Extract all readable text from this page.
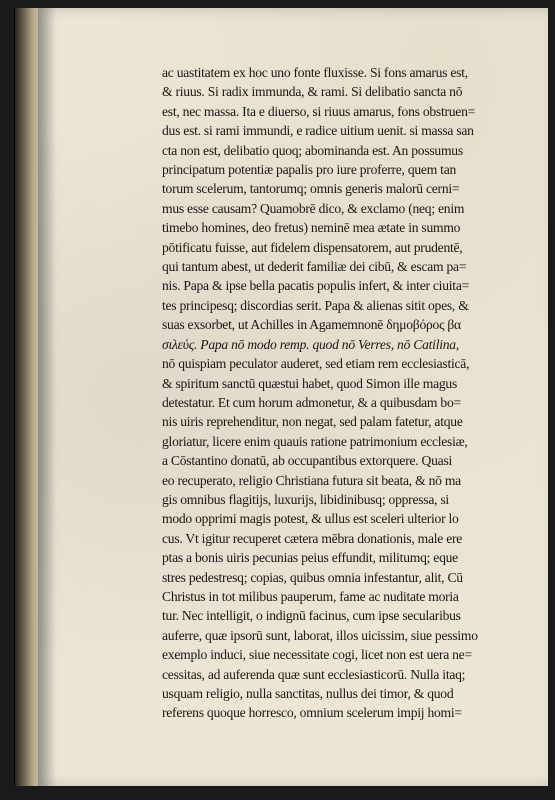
ac uastitatem ex hoc uno fonte fluxisse. Si fons amarus est,
& riuus. Si radix immunda, & rami. Si delibatio sancta nō
est, nec massa. Ita e diuerso, si riuus amarus, fons obstruen=
dus est. si rami immundi, e radice uitium uenit. si massa san
cta non est, delibatio quoq; abominanda est. An possumus
principatum potentiæ papalis pro iure proferre, quem tan
torum scelerum, tantorumq; omnis generis malorū cerni=
mus esse causam? Quamobrē dico, & exclamo (neq; enim
timebo homines, deo fretus) neminē mea ætate in summo
pōtificatu fuisse, aut fidelem dispensatorem, aut prudentē,
qui tantum abest, ut dederit familiæ dei cibū, & escam pa=
nis. Papa & ipse bella pacatis populis infert, & inter ciuita=
tes principesq; discordias serit. Papa & alienas sitit opes, &
suas exsorbet, ut Achilles in Agamemnonē δημοβόρος βα
σιλεύς. Papa nō modo remp. quod nō Verres, nō Catilina,
nō quispiam peculator auderet, sed etiam rem ecclesiasticā,
& spiritum sanctū quæstui habet, quod Simon ille magus
detestatur. Et cum horum admonetur, & a quibusdam bo=
nis uiris reprehenditur, non negat, sed palam fatetur, atque
gloriatur, licere enim quauis ratione patrimonium ecclesiæ,
a Cōstantino donatū, ab occupantibus extorquere. Quasi
eo recuperato, religio Christiana futura sit beata, & nō ma
gis omnibus flagitijs, luxurijs, libidinibusq; oppressa, si
modo opprimi magis potest, & ullus est sceleri ulterior lo
cus. Vt igitur recuperet cætera mēbra donationis, male ere
ptas a bonis uiris pecunias peius effundit, militumq; eque
stres pedestresq; copias, quibus omnia infestantur, alit, Cū
Christus in tot milibus pauperum, fame ac nuditate moria
tur. Nec intelligit, o indignū facinus, cum ipse secularibus
auferre, quæ ipsorū sunt, laborat, illos uicissim, siue pessimo
exemplo induci, siue necessitate cogi, licet non est uera ne=
cessitas, ad auferenda quæ sunt ecclesiasticorū. Nulla itaq;
usquam religio, nulla sanctitas, nullus dei timor, & quod
referens quoque horresco, omnium scelerum impij homi=
